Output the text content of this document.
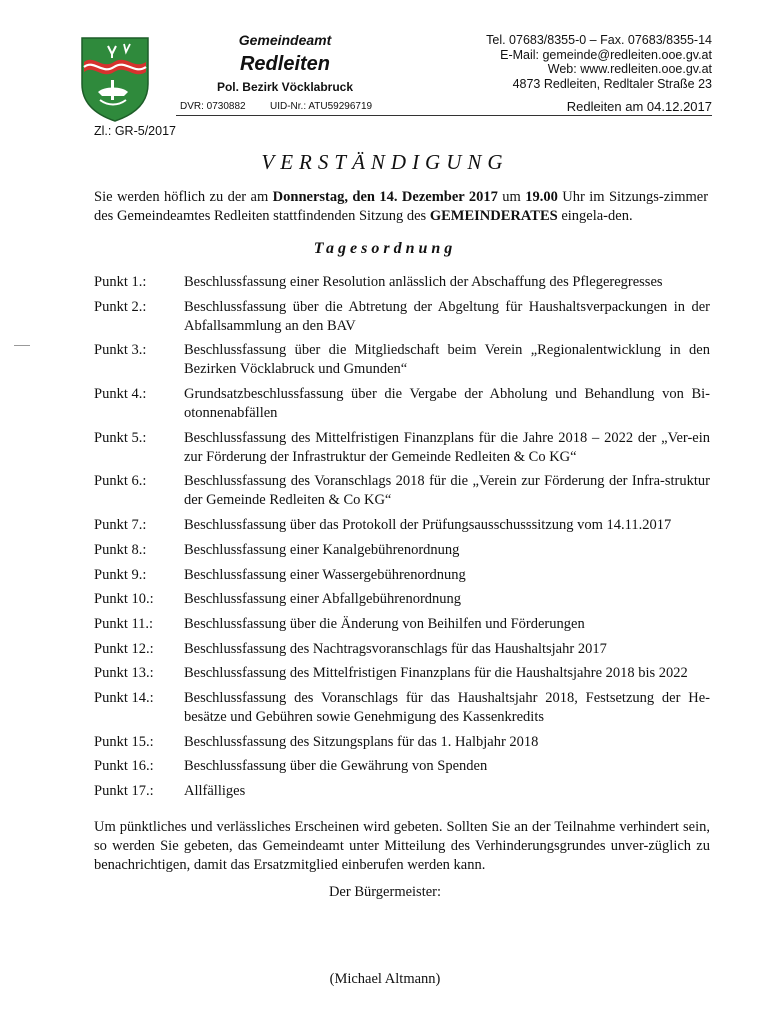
Gemeindeamt
Redleiten
Pol. Bezirk Vöcklabruck
DVR: 0730882 UID-Nr.: ATU59296719
Tel. 07683/8355-0 – Fax. 07683/8355-14
E-Mail: gemeinde@redleiten.ooe.gv.at
Web: www.redleiten.ooe.gv.at
4873 Redleiten, Redltaler Straße 23
Redleiten am 04.12.2017
Zl.: GR-5/2017
VERSTÄNDIGUNG

Sie werden höflich zu der am Donnerstag, den 14. Dezember 2017 um 19.00 Uhr im Sitzungs-zimmer des Gemeindeamtes Redleiten stattfindenden Sitzung des GEMEINDERATES eingela-den.

Tagesordnung
Punkt 1.:	Beschlussfassung einer Resolution anlässlich der Abschaffung des Pflegeregresses
Punkt 2.:	Beschlussfassung über die Abtretung der Abgeltung für Haushaltsverpackungen in der Abfallsammlung an den BAV
Punkt 3.:	Beschlussfassung über die Mitgliedschaft beim Verein „Regionalentwicklung in den Bezirken Vöcklabruck und Gmunden“
Punkt 4.:	Grundsatzbeschlussfassung über die Vergabe der Abholung und Behandlung von Bi-otonnenabfällen
Punkt 5.:	Beschlussfassung des Mittelfristigen Finanzplans für die Jahre 2018 – 2022 der „Ver-ein zur Förderung der Infrastruktur der Gemeinde Redleiten & Co KG“
Punkt 6.:	Beschlussfassung des Voranschlags 2018 für die „Verein zur Förderung der Infra-struktur der Gemeinde Redleiten & Co KG“
Punkt 7.:	Beschlussfassung über das Protokoll der Prüfungsausschusssitzung vom 14.11.2017
Punkt 8.:	Beschlussfassung einer Kanalgebührenordnung
Punkt 9.:	Beschlussfassung einer Wassergebührenordnung
Punkt 10.:	Beschlussfassung einer Abfallgebührenordnung
Punkt 11.:	Beschlussfassung über die Änderung von Beihilfen und Förderungen
Punkt 12.:	Beschlussfassung des Nachtragsvoranschlags für das Haushaltsjahr 2017
Punkt 13.:	Beschlussfassung des Mittelfristigen Finanzplans für die Haushaltsjahre 2018 bis 2022
Punkt 14.:	Beschlussfassung des Voranschlags für das Haushaltsjahr 2018, Festsetzung der He-besätze und Gebühren sowie Genehmigung des Kassenkredits
Punkt 15.:	Beschlussfassung des Sitzungsplans für das 1. Halbjahr 2018
Punkt 16.:	Beschlussfassung über die Gewährung von Spenden
Punkt 17.:	Allfälliges

Um pünktliches und verlässliches Erscheinen wird gebeten. Sollten Sie an der Teilnahme verhindert sein, so werden Sie gebeten, das Gemeindeamt unter Mitteilung des Verhinderungsgrundes unver-züglich zu benachrichtigen, damit das Ersatzmitglied einberufen werden kann.

Der Bürgermeister:
(Michael Altmann)
